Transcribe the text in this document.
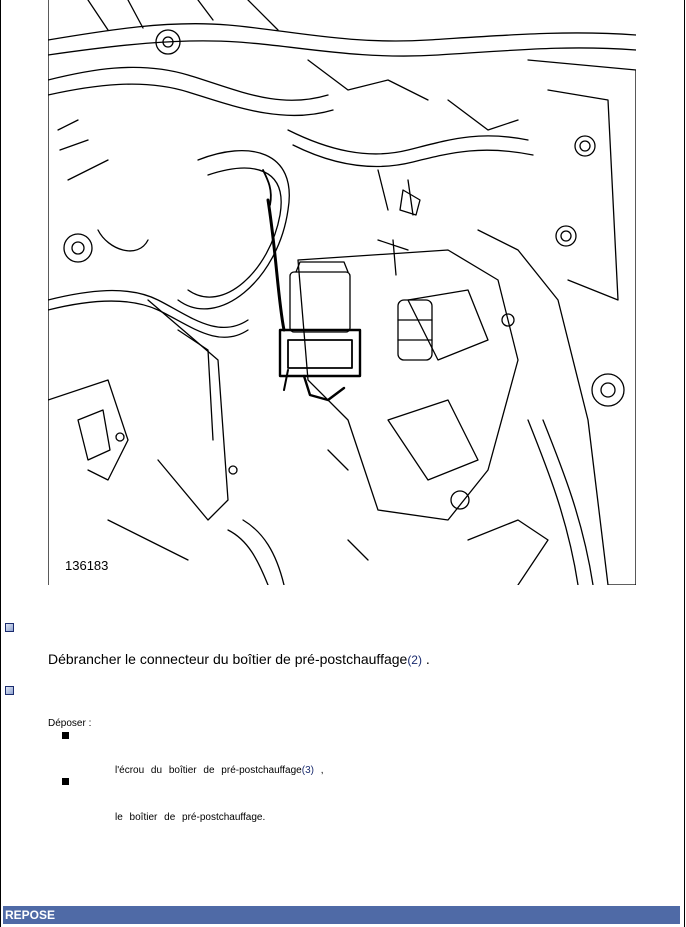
136183
Débrancher le connecteur du boîtier de pré-postchauffage(2) .
Déposer :
l'écrou du boîtier de pré-postchauffage(3) ,
le boîtier de pré-postchauffage.
REPOSE
